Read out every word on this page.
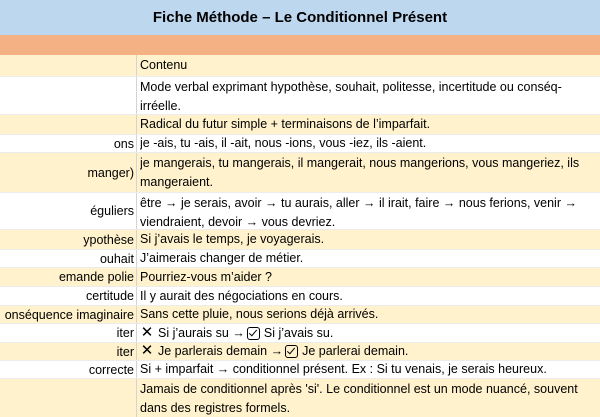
Fiche Méthode – Le Conditionnel Présent
Contenu
Mode verbal exprimant hypothèse, souhait, politesse, incertitude ou conséq-
irréelle.
Radical du futur simple + terminaisons de l’imparfait.
ons je -ais, tu -ais, il -ait, nous -ions, vous -iez, ils -aient.
manger)
je mangerais, tu mangerais, il mangerait, nous mangerions, vous mangeriez, ils
mangeraient.
éguliers
être → je serais, avoir → tu aurais, aller → il irait, faire → nous ferions, venir →
viendraient, devoir → vous devriez.
ypothèse Si j’avais le temps, je voyagerais.
ouhait J’aimerais changer de métier.
emande polie Pourriez-vous m’aider ?
certitude Il y aurait des négociations en cours.
onséquence imaginaire Sans cette pluie, nous serions déjà arrivés.
iter ✕ Si j’aurais su
→ Si j’avais su.
iter ✕ Je parlerais demain
→ Je parlerai demain.
correcte Si + imparfait → conditionnel présent. Ex : Si tu venais, je serais heureux.
Jamais de conditionnel après 'si'. Le conditionnel est un mode nuancé, souvent
dans des registres formels.
